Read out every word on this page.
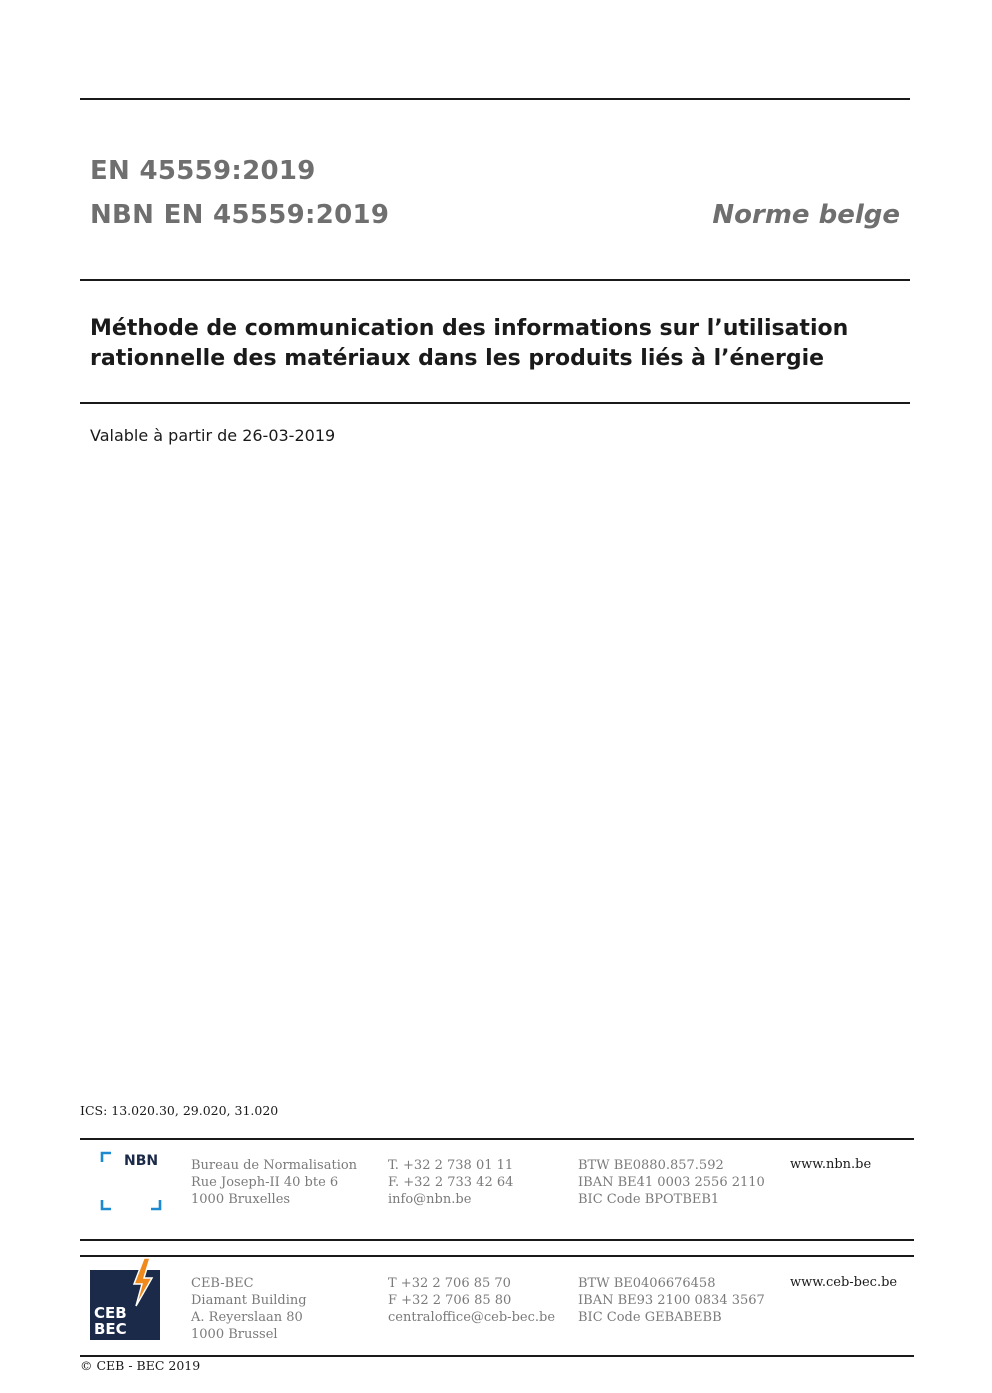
EN 45559:2019
NBN EN 45559:2019	Norme belge
Méthode de communication des informations sur l’utilisation
rationnelle des matériaux dans les produits liés à l’énergie
Valable à partir de 26-03-2019
ICS: 13.020.30, 29.020, 31.020
NBN	Bureau de Normalisation
Rue Joseph-II 40 bte 6
1000 Bruxelles
T. +32 2 738 01 11
F. +32 2 733 42 64
info@nbn.be
BTW BE0880.857.592
IBAN BE41 0003 2556 2110
BIC Code BPOTBEB1
www.nbn.be
CEB
BEC
CEB-BEC
Diamant Building
A. Reyerslaan 80
1000 Brussel
T +32 2 706 85 70
F +32 2 706 85 80
centraloffice@ceb-bec.be
BTW BE0406676458
IBAN BE93 2100 0834 3567
BIC Code GEBABEBB
www.ceb-bec.be
© CEB - BEC 2019
